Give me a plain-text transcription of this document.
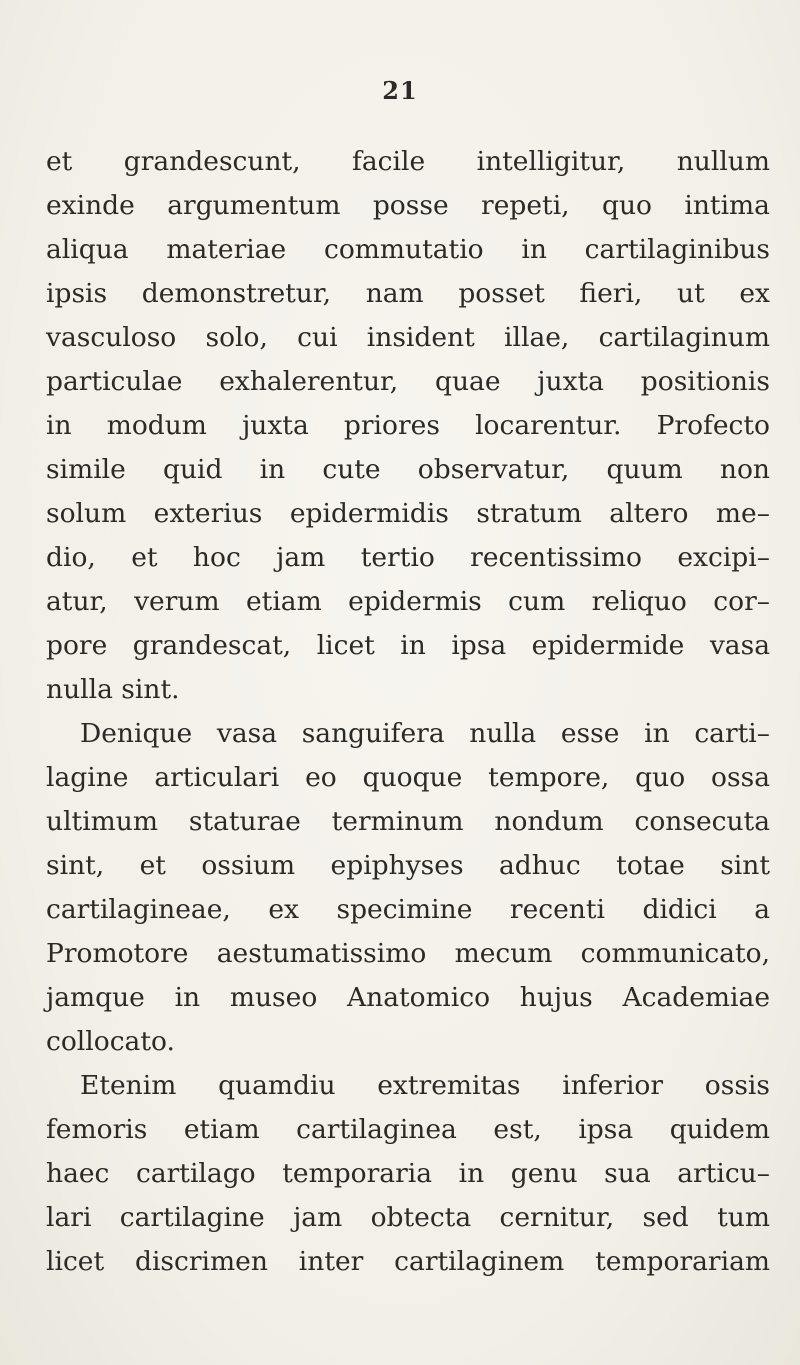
21
et grandescunt, facile intelligitur, nullum
exinde argumentum posse repeti, quo intima
aliqua materiae commutatio in cartilaginibus
ipsis demonstretur, nam posset fieri, ut ex
vasculoso solo, cui insident illae, cartilaginum
particulae exhalerentur, quae juxta positionis
in modum juxta priores locarentur. Profecto
simile quid in cute observatur, quum non
solum exterius epidermidis stratum altero me–
dio, et hoc jam tertio recentissimo excipi–
atur, verum etiam epidermis cum reliquo cor–
pore grandescat, licet in ipsa epidermide vasa
nulla sint.
Denique vasa sanguifera nulla esse in carti–
lagine articulari eo quoque tempore, quo ossa
ultimum staturae terminum nondum consecuta
sint, et ossium epiphyses adhuc totae sint
cartilagineae, ex specimine recenti didici a
Promotore aestumatissimo mecum communicato,
jamque in museo Anatomico hujus Academiae
collocato.
Etenim quamdiu extremitas inferior ossis
femoris etiam cartilaginea est, ipsa quidem
haec cartilago temporaria in genu sua articu–
lari cartilagine jam obtecta cernitur, sed tum
licet discrimen inter cartilaginem temporariam
